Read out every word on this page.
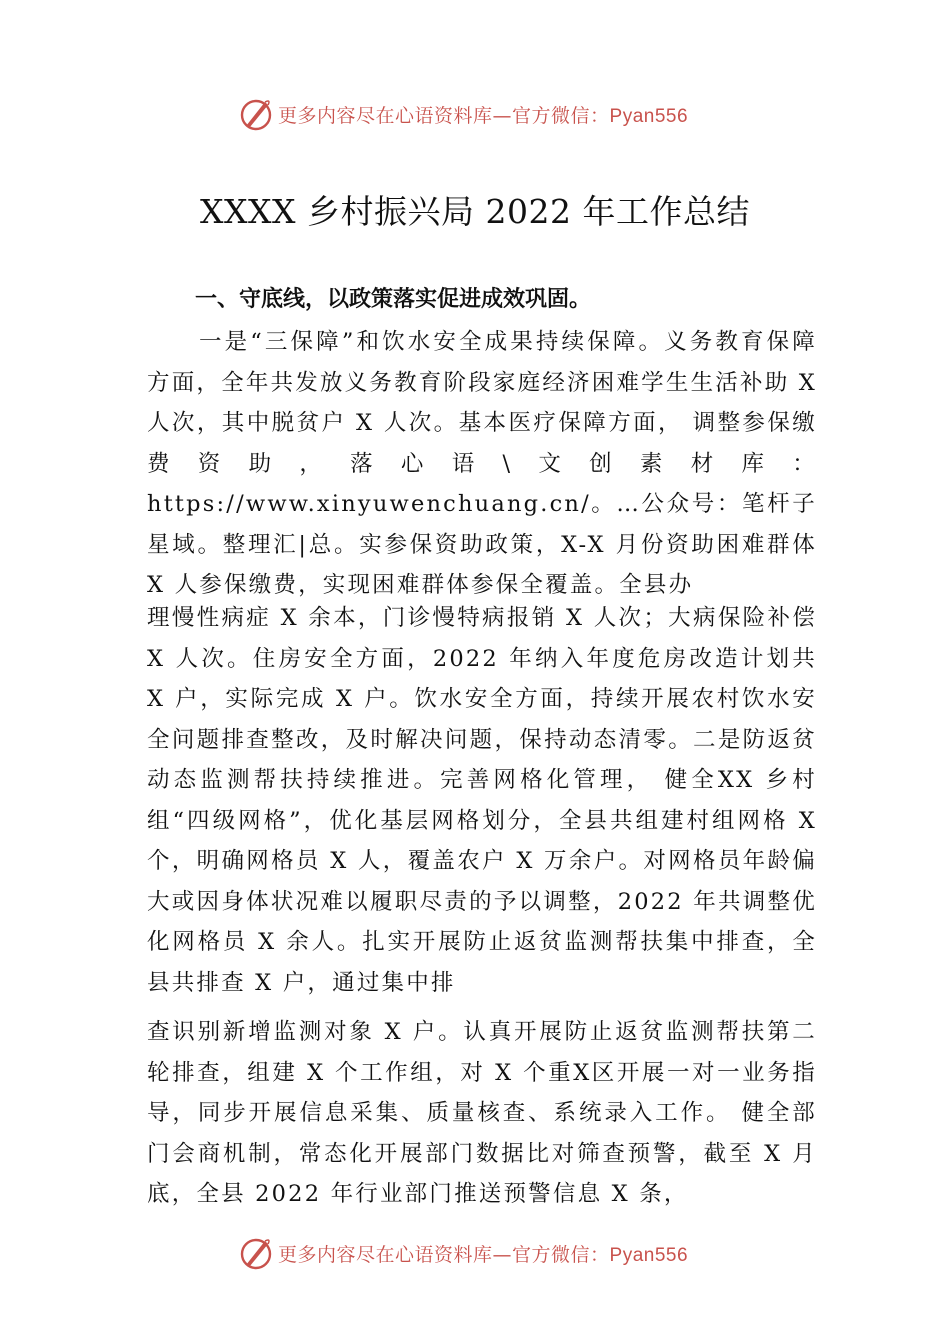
更多内容尽在心语资料库—官方微信：Pyan556
XXXX 乡村振兴局 2022 年工作总结
一、守底线，以政策落实促进成效巩固。

一是“三保障”和饮水安全成果持续保障。义务教育保障方面，全年共发放义务教育阶段家庭经济困难学生生活补助 X 人次，其中脱贫户 X 人次。基本医疗保障方面， 调整参保缴费资助，落心语\文创素材库：https://www.xinyuwenchuang.cn/。…公众号：笔杆子星域。整理汇|总。实参保资助政策，X-X 月份资助困难群体 X 人参保缴费，实现困难群体参保全覆盖。全县办

理慢性病症 X 余本，门诊慢特病报销 X 人次；大病保险补偿 X 人次。住房安全方面，2022 年纳入年度危房改造计划共 X 户，实际完成 X 户。饮水安全方面，持续开展农村饮水安全问题排查整改，及时解决问题，保持动态清零。二是防返贫动态监测帮扶持续推进。完善网格化管理， 健全XX 乡村组“四级网格”，优化基层网格划分，全县共组建村组网格 X 个，明确网格员 X 人，覆盖农户 X 万余户。对网格员年龄偏大或因身体状况难以履职尽责的予以调整，2022 年共调整优化网格员 X 余人。扎实开展防止返贫监测帮扶集中排查，全县共排查 X 户，通过集中排

查识别新增监测对象 X 户。认真开展防止返贫监测帮扶第二轮排查，组建 X 个工作组，对 X 个重X区开展一对一业务指导，同步开展信息采集、质量核查、系统录入工作。 健全部门会商机制，常态化开展部门数据比对筛查预警，截至 X 月底，全县 2022 年行业部门推送预警信息 X 条，

更多内容尽在心语资料库—官方微信：Pyan556
